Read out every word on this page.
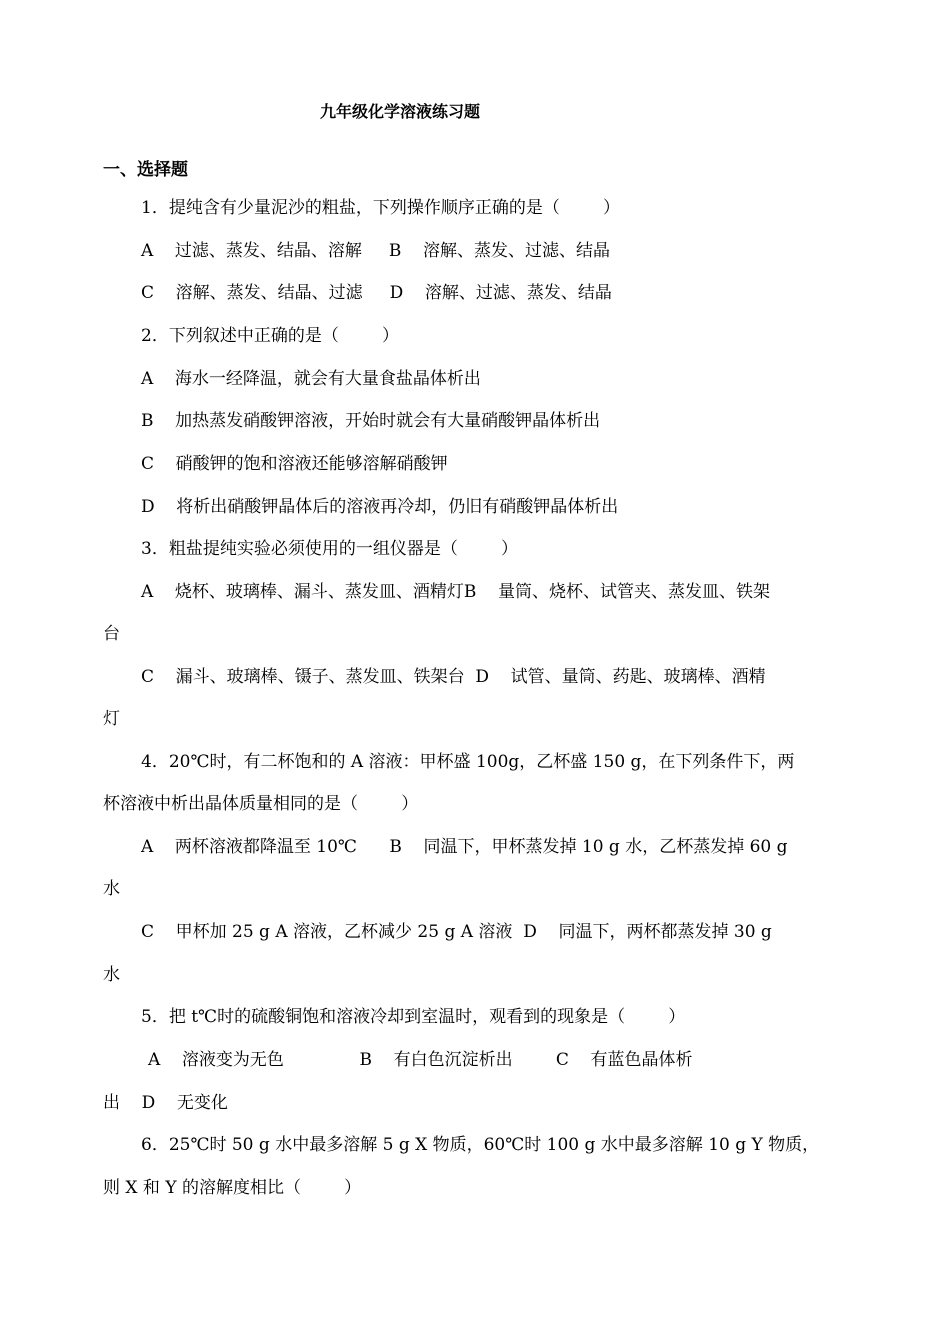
九年级化学溶液练习题
一、选择题
1．提纯含有少量泥沙的粗盐，下列操作顺序正确的是（        ）
A    过滤、蒸发、结晶、溶解     B    溶解、蒸发、过滤、结晶
C    溶解、蒸发、结晶、过滤     D    溶解、过滤、蒸发、结晶
2．下列叙述中正确的是（        ）
A    海水一经降温，就会有大量食盐晶体析出
B    加热蒸发硝酸钾溶液，开始时就会有大量硝酸钾晶体析出
C    硝酸钾的饱和溶液还能够溶解硝酸钾
D    将析出硝酸钾晶体后的溶液再冷却，仍旧有硝酸钾晶体析出
3．粗盐提纯实验必须使用的一组仪器是（        ）
A    烧杯、玻璃棒、漏斗、蒸发皿、酒精灯B    量筒、烧杯、试管夹、蒸发皿、铁架
台
C    漏斗、玻璃棒、镊子、蒸发皿、铁架台  D    试管、量筒、药匙、玻璃棒、酒精
灯
4．20℃时，有二杯饱和的 A 溶液：甲杯盛 100g，乙杯盛 150 g，在下列条件下，两
杯溶液中析出晶体质量相同的是（        ）
A    两杯溶液都降温至 10℃      B    同温下，甲杯蒸发掉 10 g 水，乙杯蒸发掉 60 g
水
C    甲杯加 25 g A 溶液，乙杯减少 25 g A 溶液  D    同温下，两杯都蒸发掉 30 g
水
5．把 t℃时的硫酸铜饱和溶液冷却到室温时，观看到的现象是（        ）
A    溶液变为无色              B    有白色沉淀析出        C    有蓝色晶体析
出    D    无变化
6．25℃时 50 g 水中最多溶解 5 g X 物质，60℃时 100 g 水中最多溶解 10 g Y 物质，
则 X 和 Y 的溶解度相比（        ）
